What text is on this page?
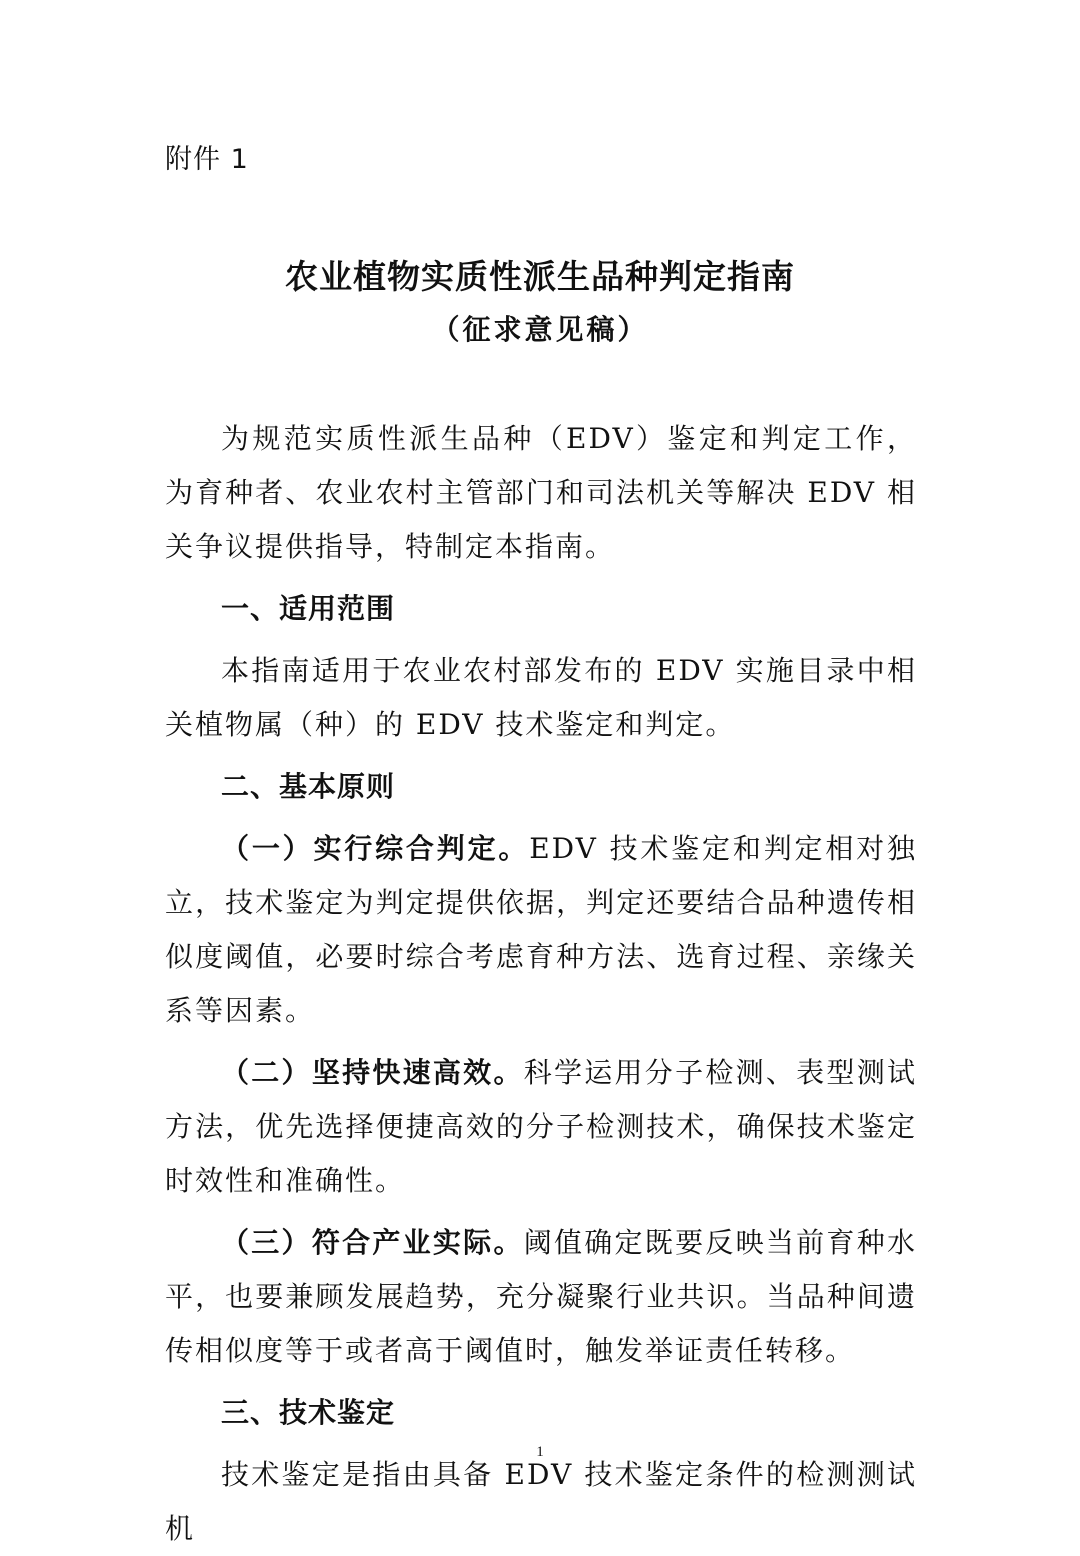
附件 1
农业植物实质性派生品种判定指南
（征求意见稿）

为规范实质性派生品种（EDV）鉴定和判定工作，为育种者、农业农村主管部门和司法机关等解决 EDV 相关争议提供指导，特制定本指南。

一、适用范围

本指南适用于农业农村部发布的 EDV 实施目录中相关植物属（种）的 EDV 技术鉴定和判定。

二、基本原则

（一）实行综合判定。EDV 技术鉴定和判定相对独立，技术鉴定为判定提供依据，判定还要结合品种遗传相似度阈值，必要时综合考虑育种方法、选育过程、亲缘关系等因素。

（二）坚持快速高效。科学运用分子检测、表型测试方法，优先选择便捷高效的分子检测技术，确保技术鉴定时效性和准确性。

（三）符合产业实际。阈值确定既要反映当前育种水平，也要兼顾发展趋势，充分凝聚行业共识。当品种间遗传相似度等于或者高于阈值时，触发举证责任转移。

三、技术鉴定

技术鉴定是指由具备 EDV 技术鉴定条件的检测测试机

1
